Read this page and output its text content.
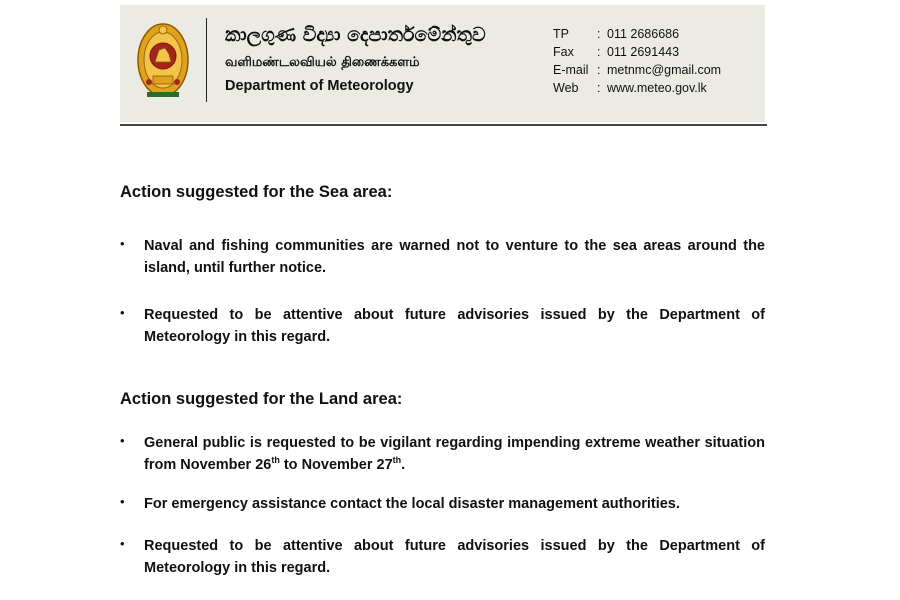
කාලගුණ විද්‍යා දෙපාර්තමේන්තුව
வளிமண்டலவியல் திணைக்களம்
Department of Meteorology
TP	: 011 2686686
Fax	: 011 2691443
E-mail : metnmc@gmail.com
Web	: www.meteo.gov.lk
Action suggested for the Sea area:
• Naval and fishing communities are warned not to venture to the sea areas around the island, until further notice.
• Requested to be attentive about future advisories issued by the Department of Meteorology in this regard.
Action suggested for the Land area:
• General public is requested to be vigilant regarding impending extreme weather situation from November 26th to November 27th.
• For emergency assistance contact the local disaster management authorities.
• Requested to be attentive about future advisories issued by the Department of Meteorology in this regard.
